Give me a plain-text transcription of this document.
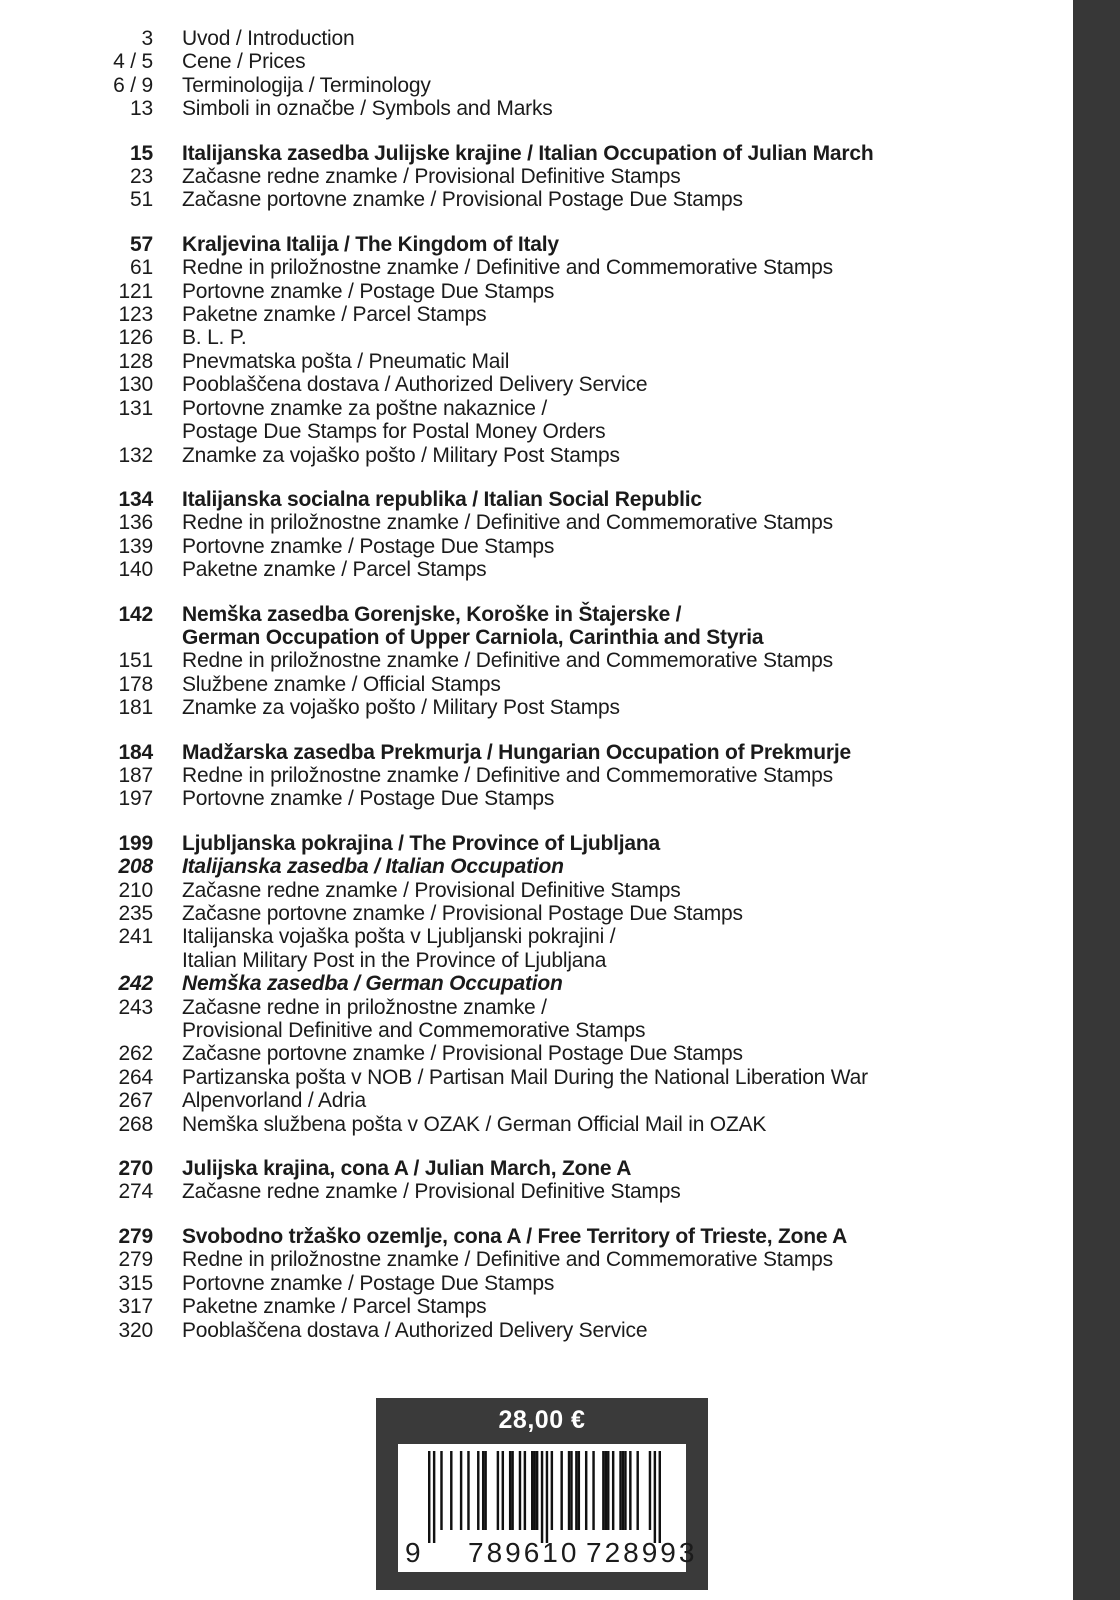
3 Uvod / Introduction
4 / 5 Cene / Prices
6 / 9 Terminologija / Terminology
13 Simboli in označbe / Symbols and Marks
15 Italijanska zasedba Julijske krajine / Italian Occupation of Julian March
23 Začasne redne znamke / Provisional Definitive Stamps
51 Začasne portovne znamke / Provisional Postage Due Stamps
57 Kraljevina Italija / The Kingdom of Italy
61 Redne in priložnostne znamke / Definitive and Commemorative Stamps
121 Portovne znamke / Postage Due Stamps
123 Paketne znamke / Parcel Stamps
126 B. L. P.
128 Pnevmatska pošta / Pneumatic Mail
130 Pooblaščena dostava / Authorized Delivery Service
131 Portovne znamke za poštne nakaznice /
Postage Due Stamps for Postal Money Orders
132 Znamke za vojaško pošto / Military Post Stamps
134 Italijanska socialna republika / Italian Social Republic
136 Redne in priložnostne znamke / Definitive and Commemorative Stamps
139 Portovne znamke / Postage Due Stamps
140 Paketne znamke / Parcel Stamps
142 Nemška zasedba Gorenjske, Koroške in Štajerske /
German Occupation of Upper Carniola, Carinthia and Styria
151 Redne in priložnostne znamke / Definitive and Commemorative Stamps
178 Službene znamke / Official Stamps
181 Znamke za vojaško pošto / Military Post Stamps
184 Madžarska zasedba Prekmurja / Hungarian Occupation of Prekmurje
187 Redne in priložnostne znamke / Definitive and Commemorative Stamps
197 Portovne znamke / Postage Due Stamps
199 Ljubljanska pokrajina / The Province of Ljubljana
208 Italijanska zasedba / Italian Occupation
210 Začasne redne znamke / Provisional Definitive Stamps
235 Začasne portovne znamke / Provisional Postage Due Stamps
241 Italijanska vojaška pošta v Ljubljanski pokrajini /
Italian Military Post in the Province of Ljubljana
242 Nemška zasedba / German Occupation
243 Začasne redne in priložnostne znamke /
Provisional Definitive and Commemorative Stamps
262 Začasne portovne znamke / Provisional Postage Due Stamps
264 Partizanska pošta v NOB / Partisan Mail During the National Liberation War
267 Alpenvorland / Adria
268 Nemška službena pošta v OZAK / German Official Mail in OZAK
270 Julijska krajina, cona A / Julian March, Zone A
274 Začasne redne znamke / Provisional Definitive Stamps
279 Svobodno tržaško ozemlje, cona A / Free Territory of Trieste, Zone A
279 Redne in priložnostne znamke / Definitive and Commemorative Stamps
315 Portovne znamke / Postage Due Stamps
317 Paketne znamke / Parcel Stamps
320 Pooblaščena dostava / Authorized Delivery Service
28,00 €
9 789610 728993
